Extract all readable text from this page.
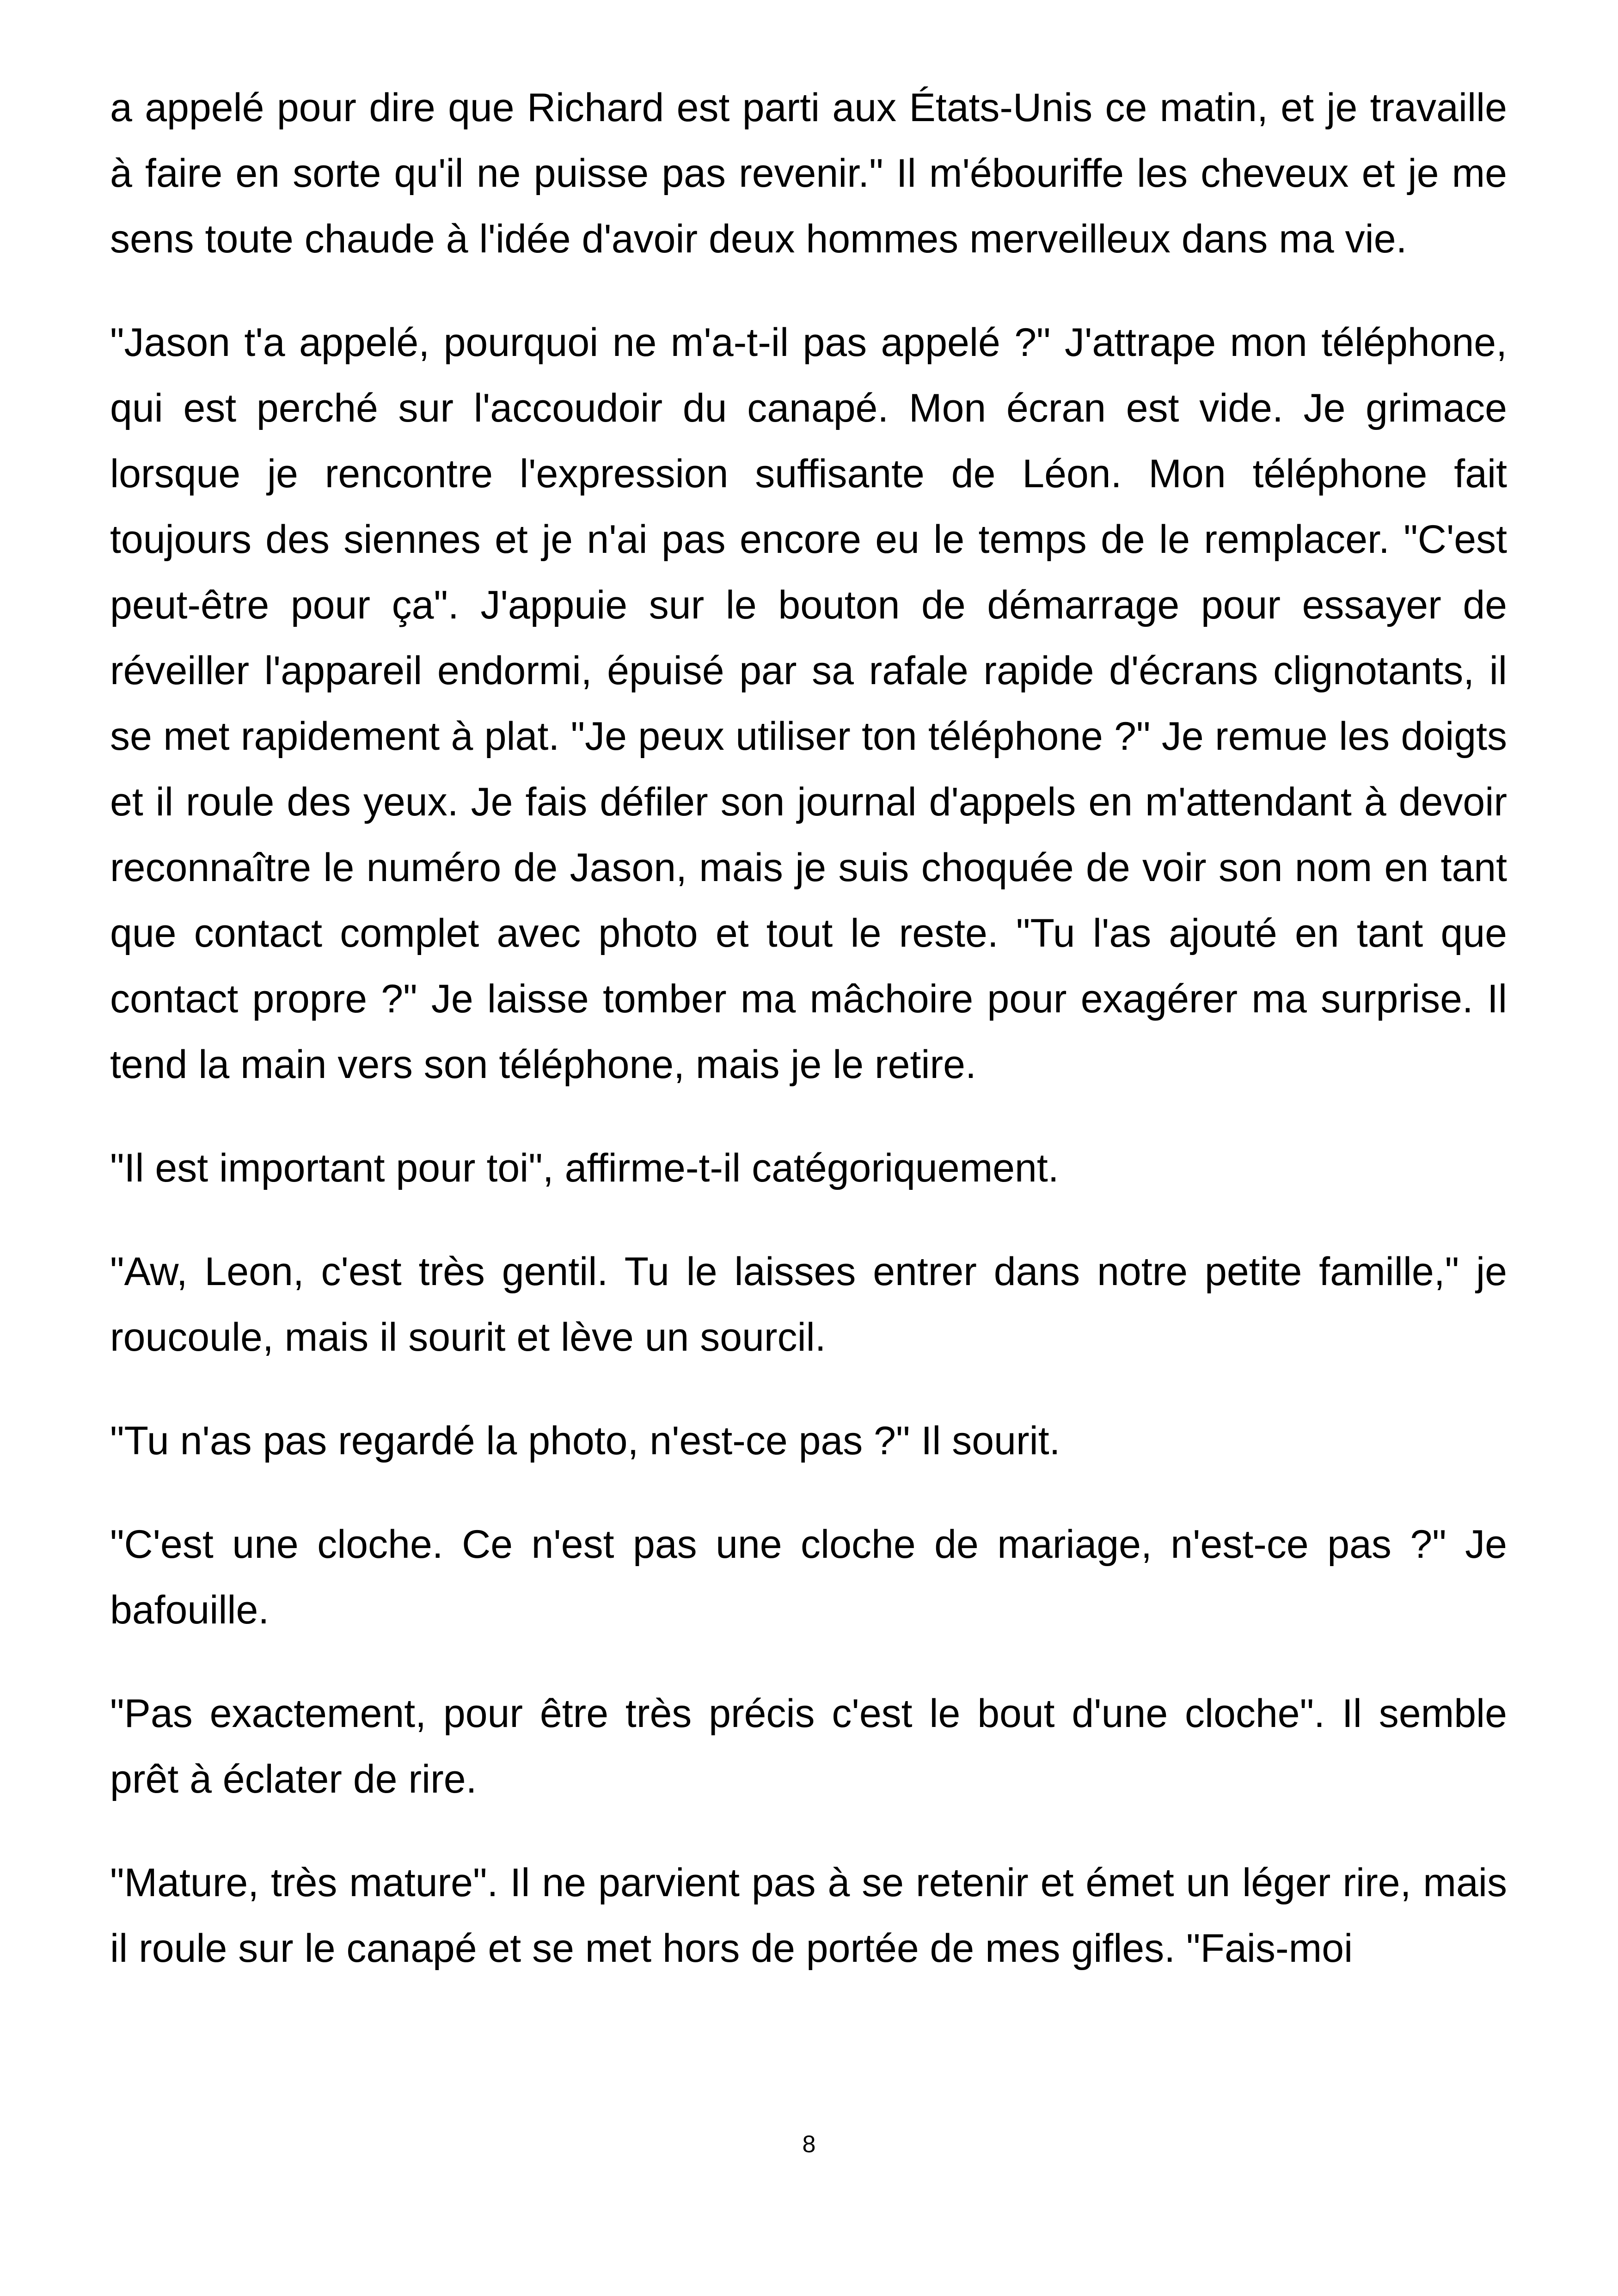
a appelé pour dire que Richard est parti aux États-Unis ce matin, et je travaille à faire en sorte qu'il ne puisse pas revenir." Il m'ébouriffe les cheveux et je me sens toute chaude à l'idée d'avoir deux hommes merveilleux dans ma vie.

"Jason t'a appelé, pourquoi ne m'a-t-il pas appelé ?" J'attrape mon téléphone, qui est perché sur l'accoudoir du canapé. Mon écran est vide. Je grimace lorsque je rencontre l'expression suffisante de Léon. Mon téléphone fait toujours des siennes et je n'ai pas encore eu le temps de le remplacer. "C'est peut-être pour ça". J'appuie sur le bouton de démarrage pour essayer de réveiller l'appareil endormi, épuisé par sa rafale rapide d'écrans clignotants, il se met rapidement à plat. "Je peux utiliser ton téléphone ?" Je remue les doigts et il roule des yeux. Je fais défiler son journal d'appels en m'attendant à devoir reconnaître le numéro de Jason, mais je suis choquée de voir son nom en tant que contact complet avec photo et tout le reste. "Tu l'as ajouté en tant que contact propre ?" Je laisse tomber ma mâchoire pour exagérer ma surprise. Il tend la main vers son téléphone, mais je le retire.

"Il est important pour toi", affirme-t-il catégoriquement.

"Aw, Leon, c'est très gentil. Tu le laisses entrer dans notre petite famille," je roucoule, mais il sourit et lève un sourcil.

"Tu n'as pas regardé la photo, n'est-ce pas ?" Il sourit.

"C'est une cloche. Ce n'est pas une cloche de mariage, n'est-ce pas ?" Je bafouille.

"Pas exactement, pour être très précis c'est le bout d'une cloche". Il semble prêt à éclater de rire.

"Mature, très mature". Il ne parvient pas à se retenir et émet un léger rire, mais il roule sur le canapé et se met hors de portée de mes gifles. "Fais-moi

8
